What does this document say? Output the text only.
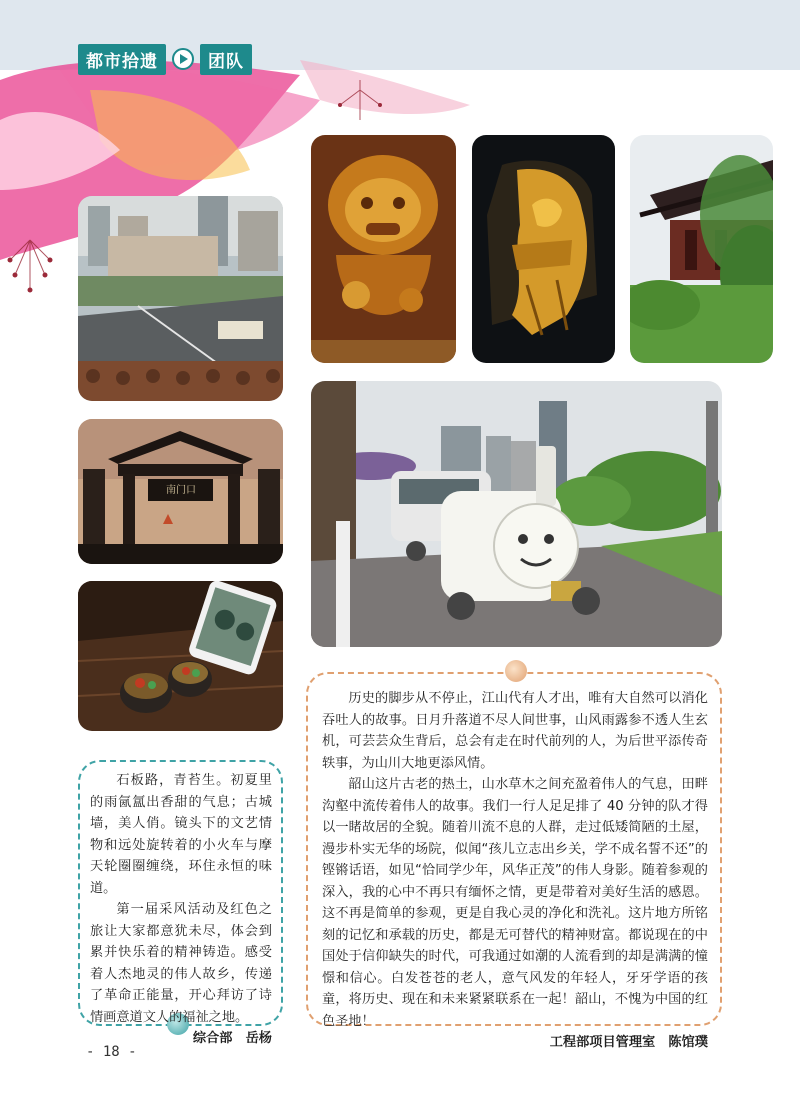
都市拾遗	团队
南门口

石板路，青苔生。初夏里的雨氤氲出香甜的气息；古城墙，美人俏。镜头下的文艺情物和远处旋转着的小火车与摩天轮圈圈缠绕，环住永恒的味道。

第一届采风活动及红色之旅让大家都意犹未尽，体会到累并快乐着的精神铸造。感受着人杰地灵的伟人故乡，传递了革命正能量，开心拜访了诗情画意道文人的福祉之地。

综合部　岳杨

历史的脚步从不停止，江山代有人才出，唯有大自然可以消化吞吐人的故事。日月升落道不尽人间世事，山风雨露参不透人生玄机，可芸芸众生背后，总会有走在时代前列的人，为后世平添传奇轶事，为山川大地更添风情。

韶山这片古老的热土，山水草木之间充盈着伟人的气息，田畔沟壑中流传着伟人的故事。我们一行人足足排了 40 分钟的队才得以一睹故居的全貌。随着川流不息的人群，走过低矮简陋的土屋，漫步朴实无华的场院，似闻“孩儿立志出乡关，学不成名誓不还”的铿锵话语，如见“恰同学少年，风华正茂”的伟人身影。随着参观的深入，我的心中不再只有缅怀之情，更是带着对美好生活的感恩。这不再是简单的参观，更是自我心灵的净化和洗礼。这片地方所铭刻的记忆和承载的历史，都是无可替代的精神财富。都说现在的中国处于信仰缺失的时代，可我通过如潮的人流看到的却是满满的憧憬和信心。白发苍苍的老人，意气风发的年轻人，牙牙学语的孩童，将历史、现在和未来紧紧联系在一起！韶山，不愧为中国的红色圣地！

工程部项目管理室　陈馆璞

- 18 -
